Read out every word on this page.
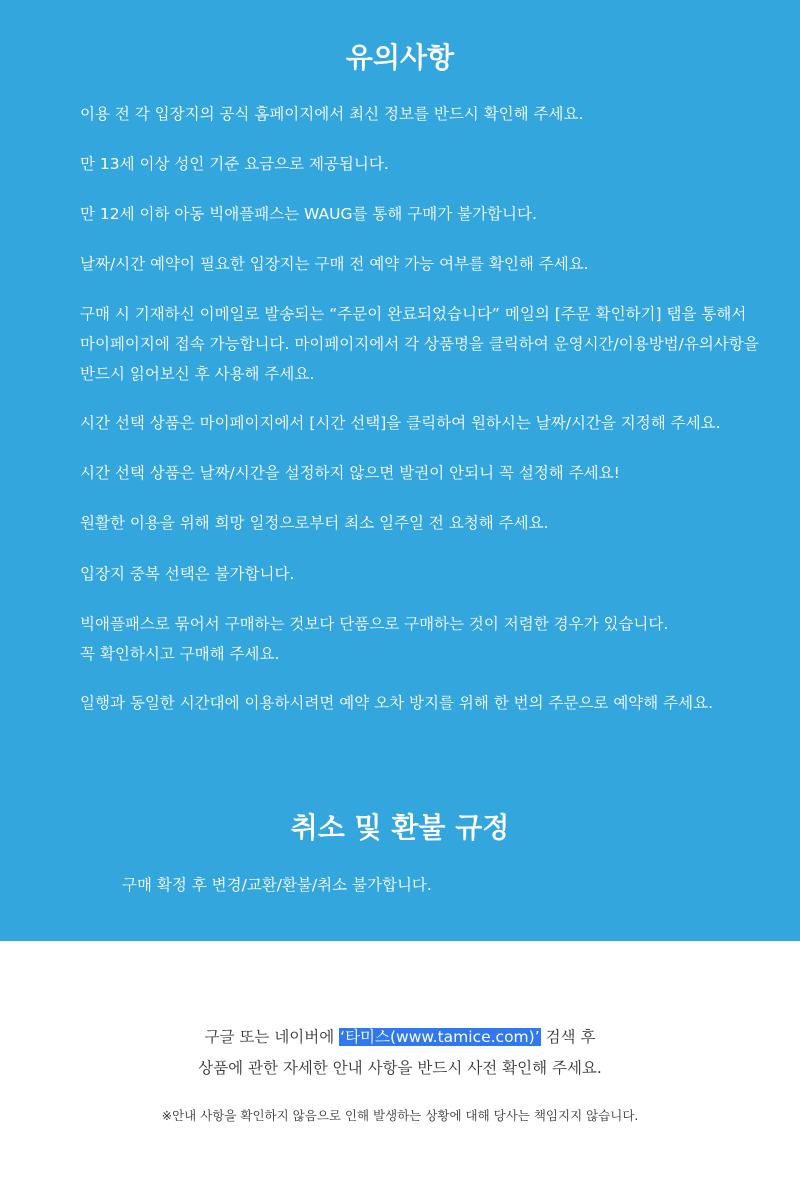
유의사항
이용 전 각 입장지의 공식 홈페이지에서 최신 정보를 반드시 확인해 주세요.
만 13세 이상 성인 기준 요금으로 제공됩니다.
만 12세 이하 아동 빅애플패스는 WAUG를 통해 구매가 불가합니다.
날짜/시간 예약이 필요한 입장지는 구매 전 예약 가능 여부를 확인해 주세요.
구매 시 기재하신 이메일로 발송되는 “주문이 완료되었습니다” 메일의 [주문 확인하기] 탭을 통해서
마이페이지에 접속 가능합니다. 마이페이지에서 각 상품명을 클릭하여 운영시간/이용방법/유의사항을
반드시 읽어보신 후 사용해 주세요.
시간 선택 상품은 마이페이지에서 [시간 선택]을 클릭하여 원하시는 날짜/시간을 지정해 주세요.
시간 선택 상품은 날짜/시간을 설정하지 않으면 발권이 안되니 꼭 설정해 주세요!
원활한 이용을 위해 희망 일정으로부터 최소 일주일 전 요청해 주세요.
입장지 중복 선택은 불가합니다.
빅애플패스로 묶어서 구매하는 것보다 단품으로 구매하는 것이 저렴한 경우가 있습니다.
꼭 확인하시고 구매해 주세요.
일행과 동일한 시간대에 이용하시려면 예약 오차 방지를 위해 한 번의 주문으로 예약해 주세요.
취소 및 환불 규정
구매 확정 후 변경/교환/환불/취소 불가합니다.
구글 또는 네이버에 ‘타미스(www.tamice.com)’ 검색 후
상품에 관한 자세한 안내 사항을 반드시 사전 확인해 주세요.
※안내 사항을 확인하지 않음으로 인해 발생하는 상황에 대해 당사는 책임지지 않습니다.
